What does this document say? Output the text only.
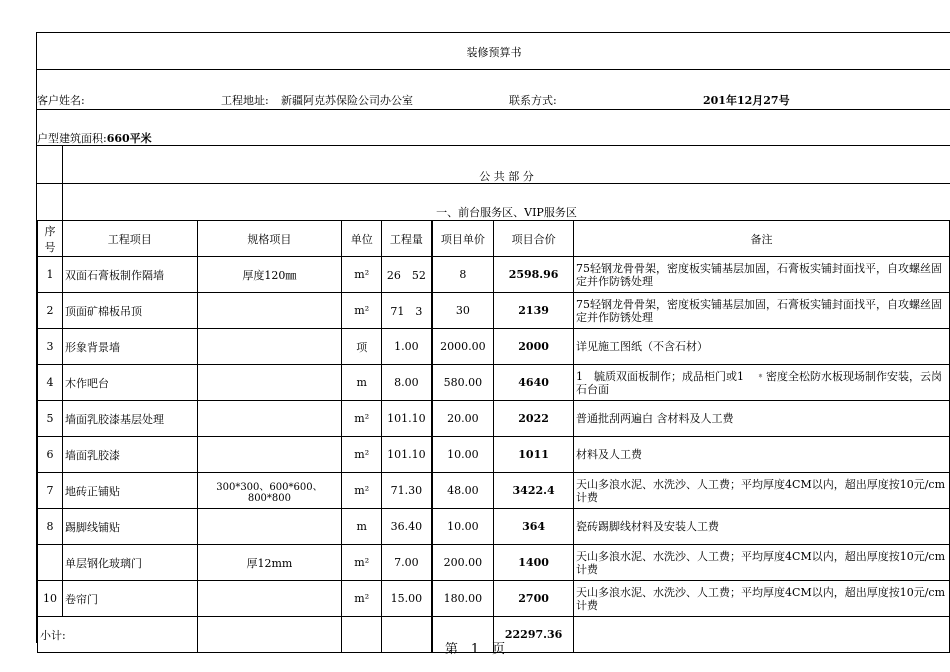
装修预算书
客户姓名:	工程地址: 新疆阿克苏保险公司办公室	联系方式:	201年12月27号
户型建筑面积:660平米
公 共 部 分
一、前台服务区、VIP服务区
序号	工程项目	规格项目	单位	工程量	项目单价	项目合价	备注
1	双面石膏板制作隔墙	厚度120㎜	m²	26　52	8	2598.96	75轻钢龙骨骨架，密度板实铺基层加固，石膏板实铺封面找平，自攻螺丝固定并作防锈处理
2	顶面矿棉板吊顶		m²	71　3	30	2139	75轻钢龙骨骨架，密度板实铺基层加固，石膏板实铺封面找平，自攻螺丝固定并作防锈处理
3	形象背景墙		项	1.00	2000.00	2000	详见施工图纸（不含石材）
4	木作吧台		m	8.00	580.00	4640	1　毓质双面板制作；成品柜门或1　﹡密度全松防水板现场制作安装，云岗石台面
5	墙面乳胶漆基层处理		m²	101.10	20.00	2022	普通批刮两遍白 含材料及人工费
6	墙面乳胶漆		m²	101.10	10.00	1011	材料及人工费
7	地砖正铺贴	300*300、600*600、800*800	m²	71.30	48.00	3422.4	天山多浪水泥、水洗沙、人工费；平均厚度4CM以内，超出厚度按10元/cm计费
8	踢脚线铺贴		m	36.40	10.00	364	瓷砖踢脚线材料及安装人工费
	单层钢化玻璃门	厚12mm	m²	7.00	200.00	1400	天山多浪水泥、水洗沙、人工费；平均厚度4CM以内，超出厚度按10元/cm计费
10	卷帘门		m²	15.00	180.00	2700	天山多浪水泥、水洗沙、人工费；平均厚度4CM以内，超出厚度按10元/cm计费
小计:						22297.36	
第　1　页
